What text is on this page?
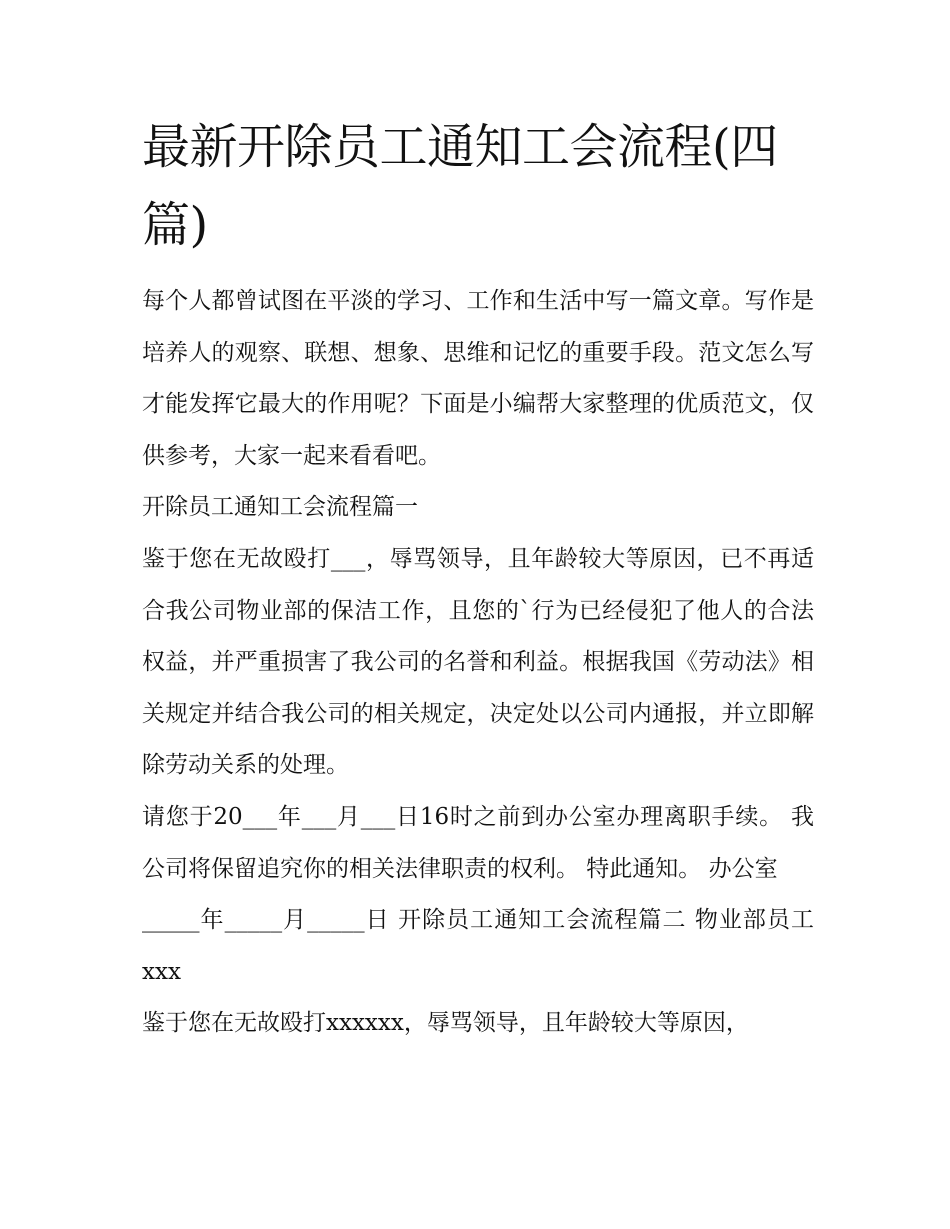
最新开除员工通知工会流程(四篇)

每个人都曾试图在平淡的学习、工作和生活中写一篇文章。写作是培养人的观察、联想、想象、思维和记忆的重要手段。范文怎么写才能发挥它最大的作用呢？下面是小编帮大家整理的优质范文，仅供参考，大家一起来看看吧。

开除员工通知工会流程篇一

鉴于您在无故殴打___，辱骂领导，且年龄较大等原因，已不再适合我公司物业部的保洁工作，且您的`行为已经侵犯了他人的合法权益，并严重损害了我公司的名誉和利益。根据我国《劳动法》相关规定并结合我公司的相关规定，决定处以公司内通报，并立即解除劳动关系的处理。

请您于20___年___月___日16时之前到办公室办理离职手续。 我公司将保留追究你的相关法律职责的权利。 特此通知。 办公室

_____年_____月_____日 开除员工通知工会流程篇二 物业部员工xxx

鉴于您在无故殴打xxxxxx，辱骂领导，且年龄较大等原因，
